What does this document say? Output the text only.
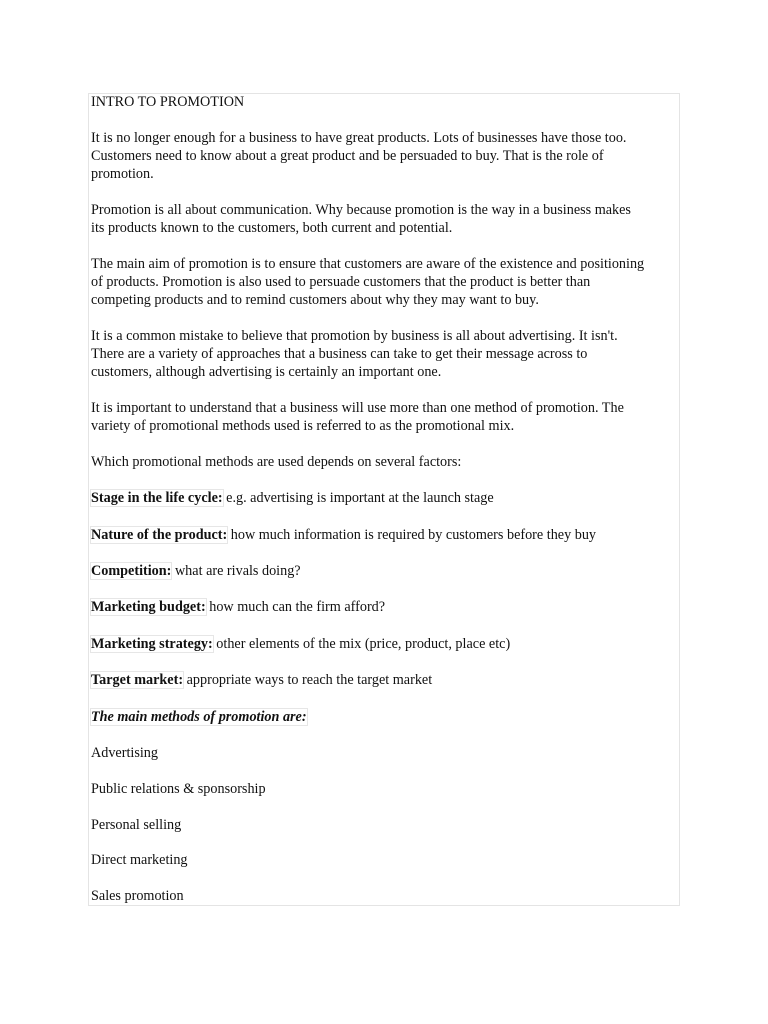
INTRO TO PROMOTION

It is no longer enough for a business to have great products. Lots of businesses have those too.

Customers need to know about a great product and be persuaded to buy. That is the role of

promotion.

Promotion is all about communication. Why because promotion is the way in a business makes

its products known to the customers, both current and potential.

The main aim of promotion is to ensure that customers are aware of the existence and positioning

of products. Promotion is also used to persuade customers that the product is better than

competing products and to remind customers about why they may want to buy.

It is a common mistake to believe that promotion by business is all about advertising. It isn't.

There are a variety of approaches that a business can take to get their message across to

customers, although advertising is certainly an important one.

It is important to understand that a business will use more than one method of promotion. The

variety of promotional methods used is referred to as the promotional mix.

Which promotional methods are used depends on several factors:

Stage in the life cycle: e.g. advertising is important at the launch stage

Nature of the product: how much information is required by customers before they buy

Competition: what are rivals doing?

Marketing budget: how much can the firm afford?

Marketing strategy: other elements of the mix (price, product, place etc)

Target market: appropriate ways to reach the target market

The main methods of promotion are:

Advertising

Public relations & sponsorship

Personal selling

Direct marketing

Sales promotion
